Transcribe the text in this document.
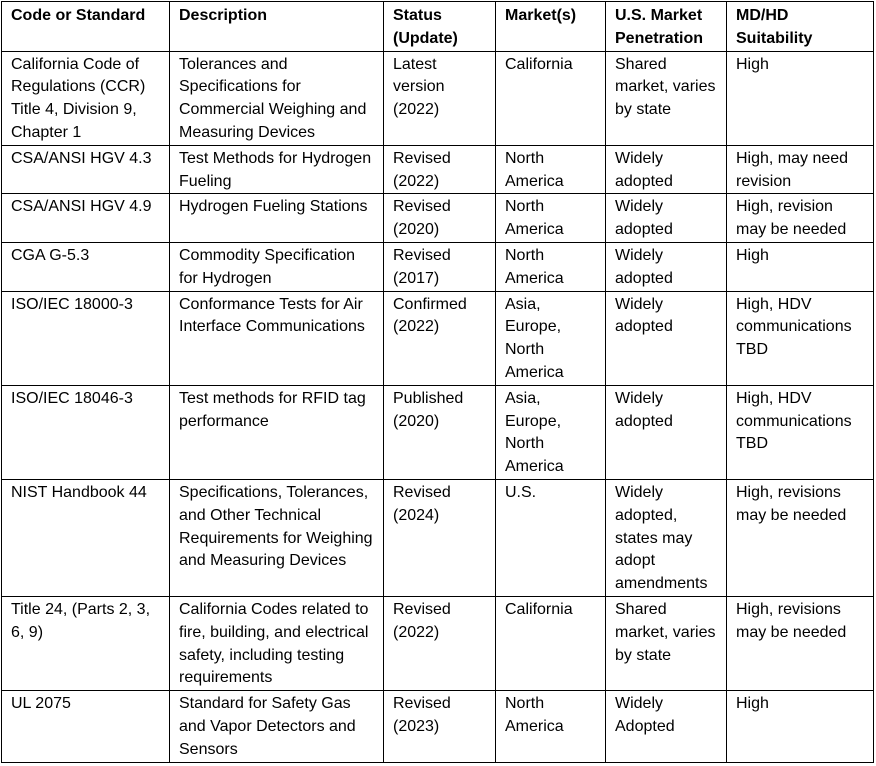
Code or Standard	Description	Status (Update)	Market(s)	U.S. Market Penetration	MD/HD Suitability
California Code of Regulations (CCR) Title 4, Division 9, Chapter 1	Tolerances and Specifications for Commercial Weighing and Measuring Devices	Latest version (2022)	California	Shared market, varies by state	High
CSA/ANSI HGV 4.3	Test Methods for Hydrogen Fueling	Revised (2022)	North America	Widely adopted	High, may need revision
CSA/ANSI HGV 4.9	Hydrogen Fueling Stations	Revised (2020)	North America	Widely adopted	High, revision may be needed
CGA G-5.3	Commodity Specification for Hydrogen	Revised (2017)	North America	Widely adopted	High
ISO/IEC 18000-3	Conformance Tests for Air Interface Communications	Confirmed (2022)	Asia, Europe, North America	Widely adopted	High, HDV communications TBD
ISO/IEC 18046-3	Test methods for RFID tag performance	Published (2020)	Asia, Europe, North America	Widely adopted	High, HDV communications TBD
NIST Handbook 44	Specifications, Tolerances, and Other Technical Requirements for Weighing and Measuring Devices	Revised (2024)	U.S.	Widely adopted, states may adopt amendments	High, revisions may be needed
Title 24, (Parts 2, 3, 6, 9)	California Codes related to fire, building, and electrical safety, including testing requirements	Revised (2022)	California	Shared market, varies by state	High, revisions may be needed
UL 2075	Standard for Safety Gas and Vapor Detectors and Sensors	Revised (2023)	North America	Widely Adopted	High
